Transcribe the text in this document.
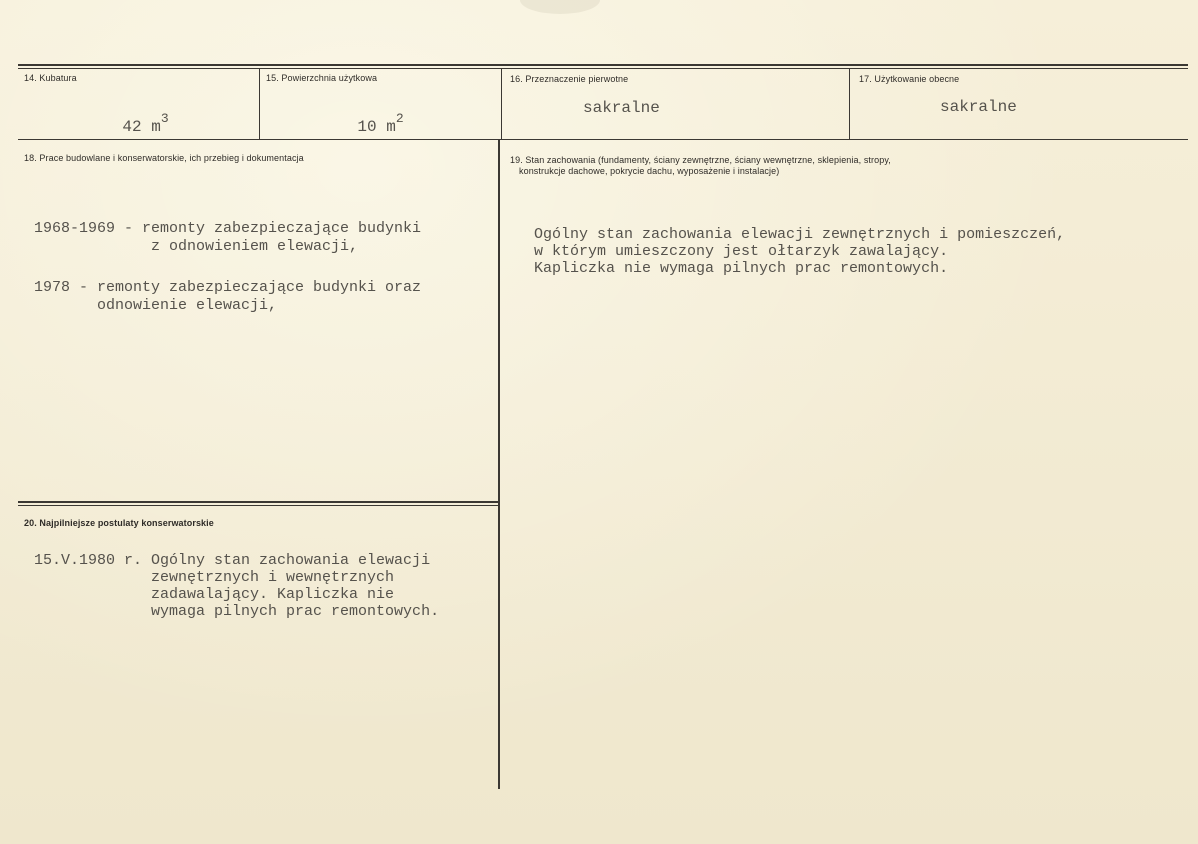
14. Kubatura

42 $m^3$

15. Powierzchnia użytkowa

10 $m^2$

16. Przeznaczenie pierwotne
sakralne
17. Użytkowanie obecne
sakralne
18. Prace budowlane i konserwatorskie, ich przebieg i dokumentacja
1968-1969 - remonty zabezpieczające budynki
z odnowieniem elewacji,
1978 - remonty zabezpieczające budynki oraz
odnowienie elewacji,
19. Stan zachowania (fundamenty, ściany zewnętrzne, ściany wewnętrzne, sklepienia, stropy,
konstrukcje dachowe, pokrycie dachu, wyposażenie i instalacje)
Ogólny stan zachowania elewacji zewnętrznych i pomieszczeń,
w którym umieszczony jest ołtarzyk zawalający.
Kapliczka nie wymaga pilnych prac remontowych.
20. Najpilniejsze postulaty konserwatorskie
15.V.1980 r. Ogólny stan zachowania elewacji
zewnętrznych i wewnętrznych
zadawalający. Kapliczka nie
wymaga pilnych prac remontowych.
